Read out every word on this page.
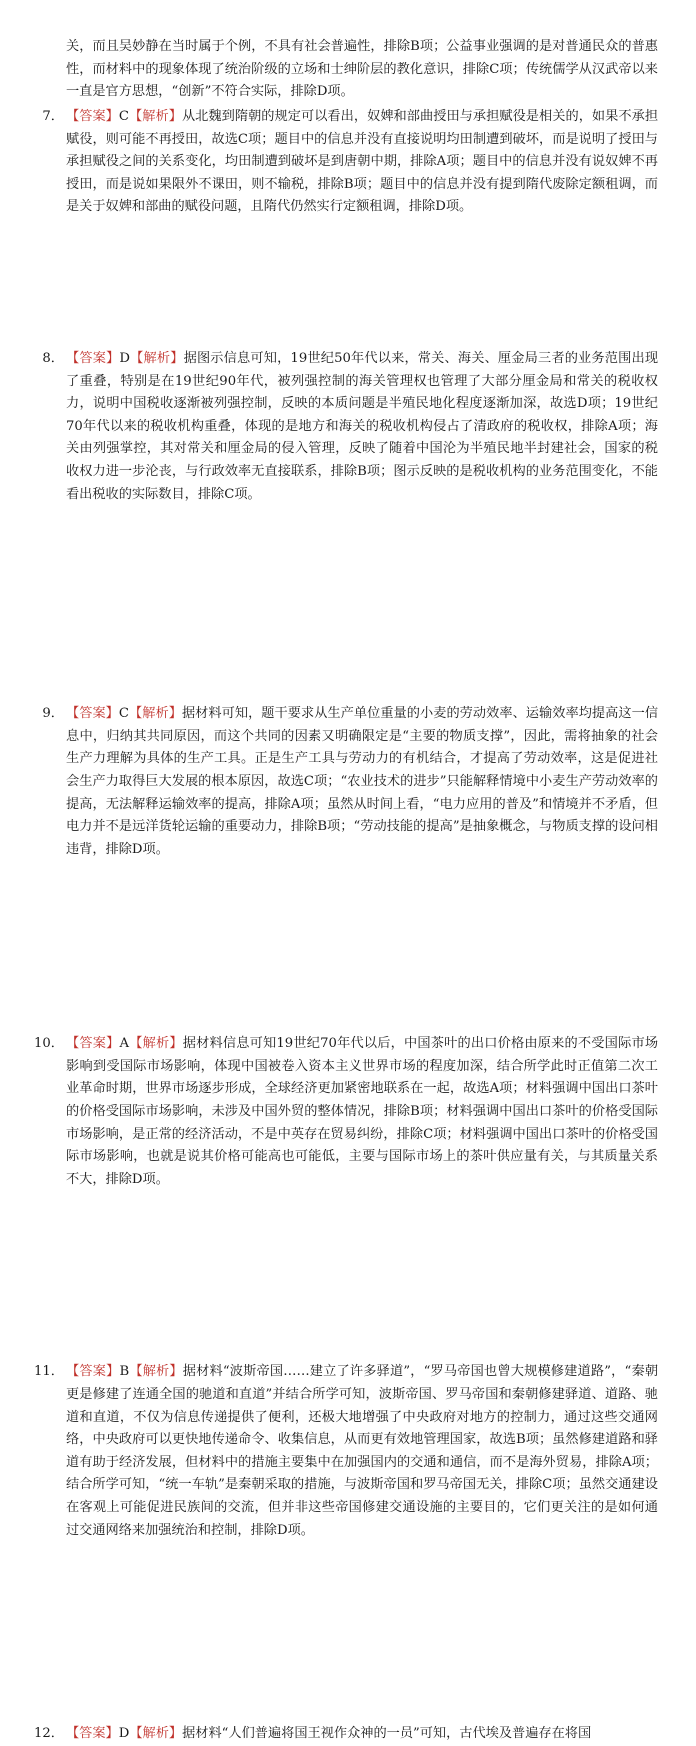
关，而且吴妙静在当时属于个例，不具有社会普遍性，排除B项；公益事业强调的是对普通民众的普惠性，而材料中的现象体现了统治阶级的立场和士绅阶层的教化意识，排除C项；传统儒学从汉武帝以来一直是官方思想，“创新”不符合实际，排除D项。

7． 【答案】C【解析】从北魏到隋朝的规定可以看出，奴婢和部曲授田与承担赋役是相关的，如果不承担赋役，则可能不再授田，故选C项；题目中的信息并没有直接说明均田制遭到破坏，而是说明了授田与承担赋役之间的关系变化，均田制遭到破坏是到唐朝中期，排除A项；题目中的信息并没有说奴婢不再授田，而是说如果限外不课田，则不输税，排除B项；题目中的信息并没有提到隋代废除定额租调，而是关于奴婢和部曲的赋役问题，且隋代仍然实行定额租调，排除D项。

8． 【答案】D【解析】据图示信息可知，19世纪50年代以来，常关、海关、厘金局三者的业务范围出现了重叠，特别是在19世纪90年代，被列强控制的海关管理权也管理了大部分厘金局和常关的税收权力，说明中国税收逐渐被列强控制，反映的本质问题是半殖民地化程度逐渐加深，故选D项；19世纪70年代以来的税收机构重叠，体现的是地方和海关的税收机构侵占了清政府的税收权，排除A项；海关由列强掌控，其对常关和厘金局的侵入管理，反映了随着中国沦为半殖民地半封建社会，国家的税收权力进一步沦丧，与行政效率无直接联系，排除B项；图示反映的是税收机构的业务范围变化，不能看出税收的实际数目，排除C项。

9． 【答案】C【解析】据材料可知，题干要求从生产单位重量的小麦的劳动效率、运输效率均提高这一信息中，归纳其共同原因，而这个共同的因素又明确限定是“主要的物质支撑”，因此，需将抽象的社会生产力理解为具体的生产工具。正是生产工具与劳动力的有机结合，才提高了劳动效率，这是促进社会生产力取得巨大发展的根本原因，故选C项；“农业技术的进步”只能解释情境中小麦生产劳动效率的提高，无法解释运输效率的提高，排除A项；虽然从时间上看，“电力应用的普及”和情境并不矛盾，但电力并不是远洋货轮运输的重要动力，排除B项；“劳动技能的提高”是抽象概念，与物质支撑的设问相违背，排除D项。

10． 【答案】A【解析】据材料信息可知19世纪70年代以后，中国茶叶的出口价格由原来的不受国际市场影响到受国际市场影响，体现中国被卷入资本主义世界市场的程度加深，结合所学此时正值第二次工业革命时期，世界市场逐步形成，全球经济更加紧密地联系在一起，故选A项；材料强调中国出口茶叶的价格受国际市场影响，未涉及中国外贸的整体情况，排除B项；材料强调中国出口茶叶的价格受国际市场影响，是正常的经济活动，不是中英存在贸易纠纷，排除C项；材料强调中国出口茶叶的价格受国际市场影响，也就是说其价格可能高也可能低，主要与国际市场上的茶叶供应量有关，与其质量关系不大，排除D项。

11． 【答案】B【解析】据材料“波斯帝国……建立了许多驿道”，“罗马帝国也曾大规模修建道路”，“秦朝更是修建了连通全国的驰道和直道”并结合所学可知，波斯帝国、罗马帝国和秦朝修建驿道、道路、驰道和直道，不仅为信息传递提供了便利，还极大地增强了中央政府对地方的控制力，通过这些交通网络，中央政府可以更快地传递命令、收集信息，从而更有效地管理国家，故选B项；虽然修建道路和驿道有助于经济发展，但材料中的措施主要集中在加强国内的交通和通信，而不是海外贸易，排除A项；结合所学可知，“统一车轨”是秦朝采取的措施，与波斯帝国和罗马帝国无关，排除C项；虽然交通建设在客观上可能促进民族间的交流，但并非这些帝国修建交通设施的主要目的，它们更关注的是如何通过交通网络来加强统治和控制，排除D项。

12． 【答案】D【解析】据材料“人们普遍将国王视作众神的一员”可知，古代埃及普遍存在将国
